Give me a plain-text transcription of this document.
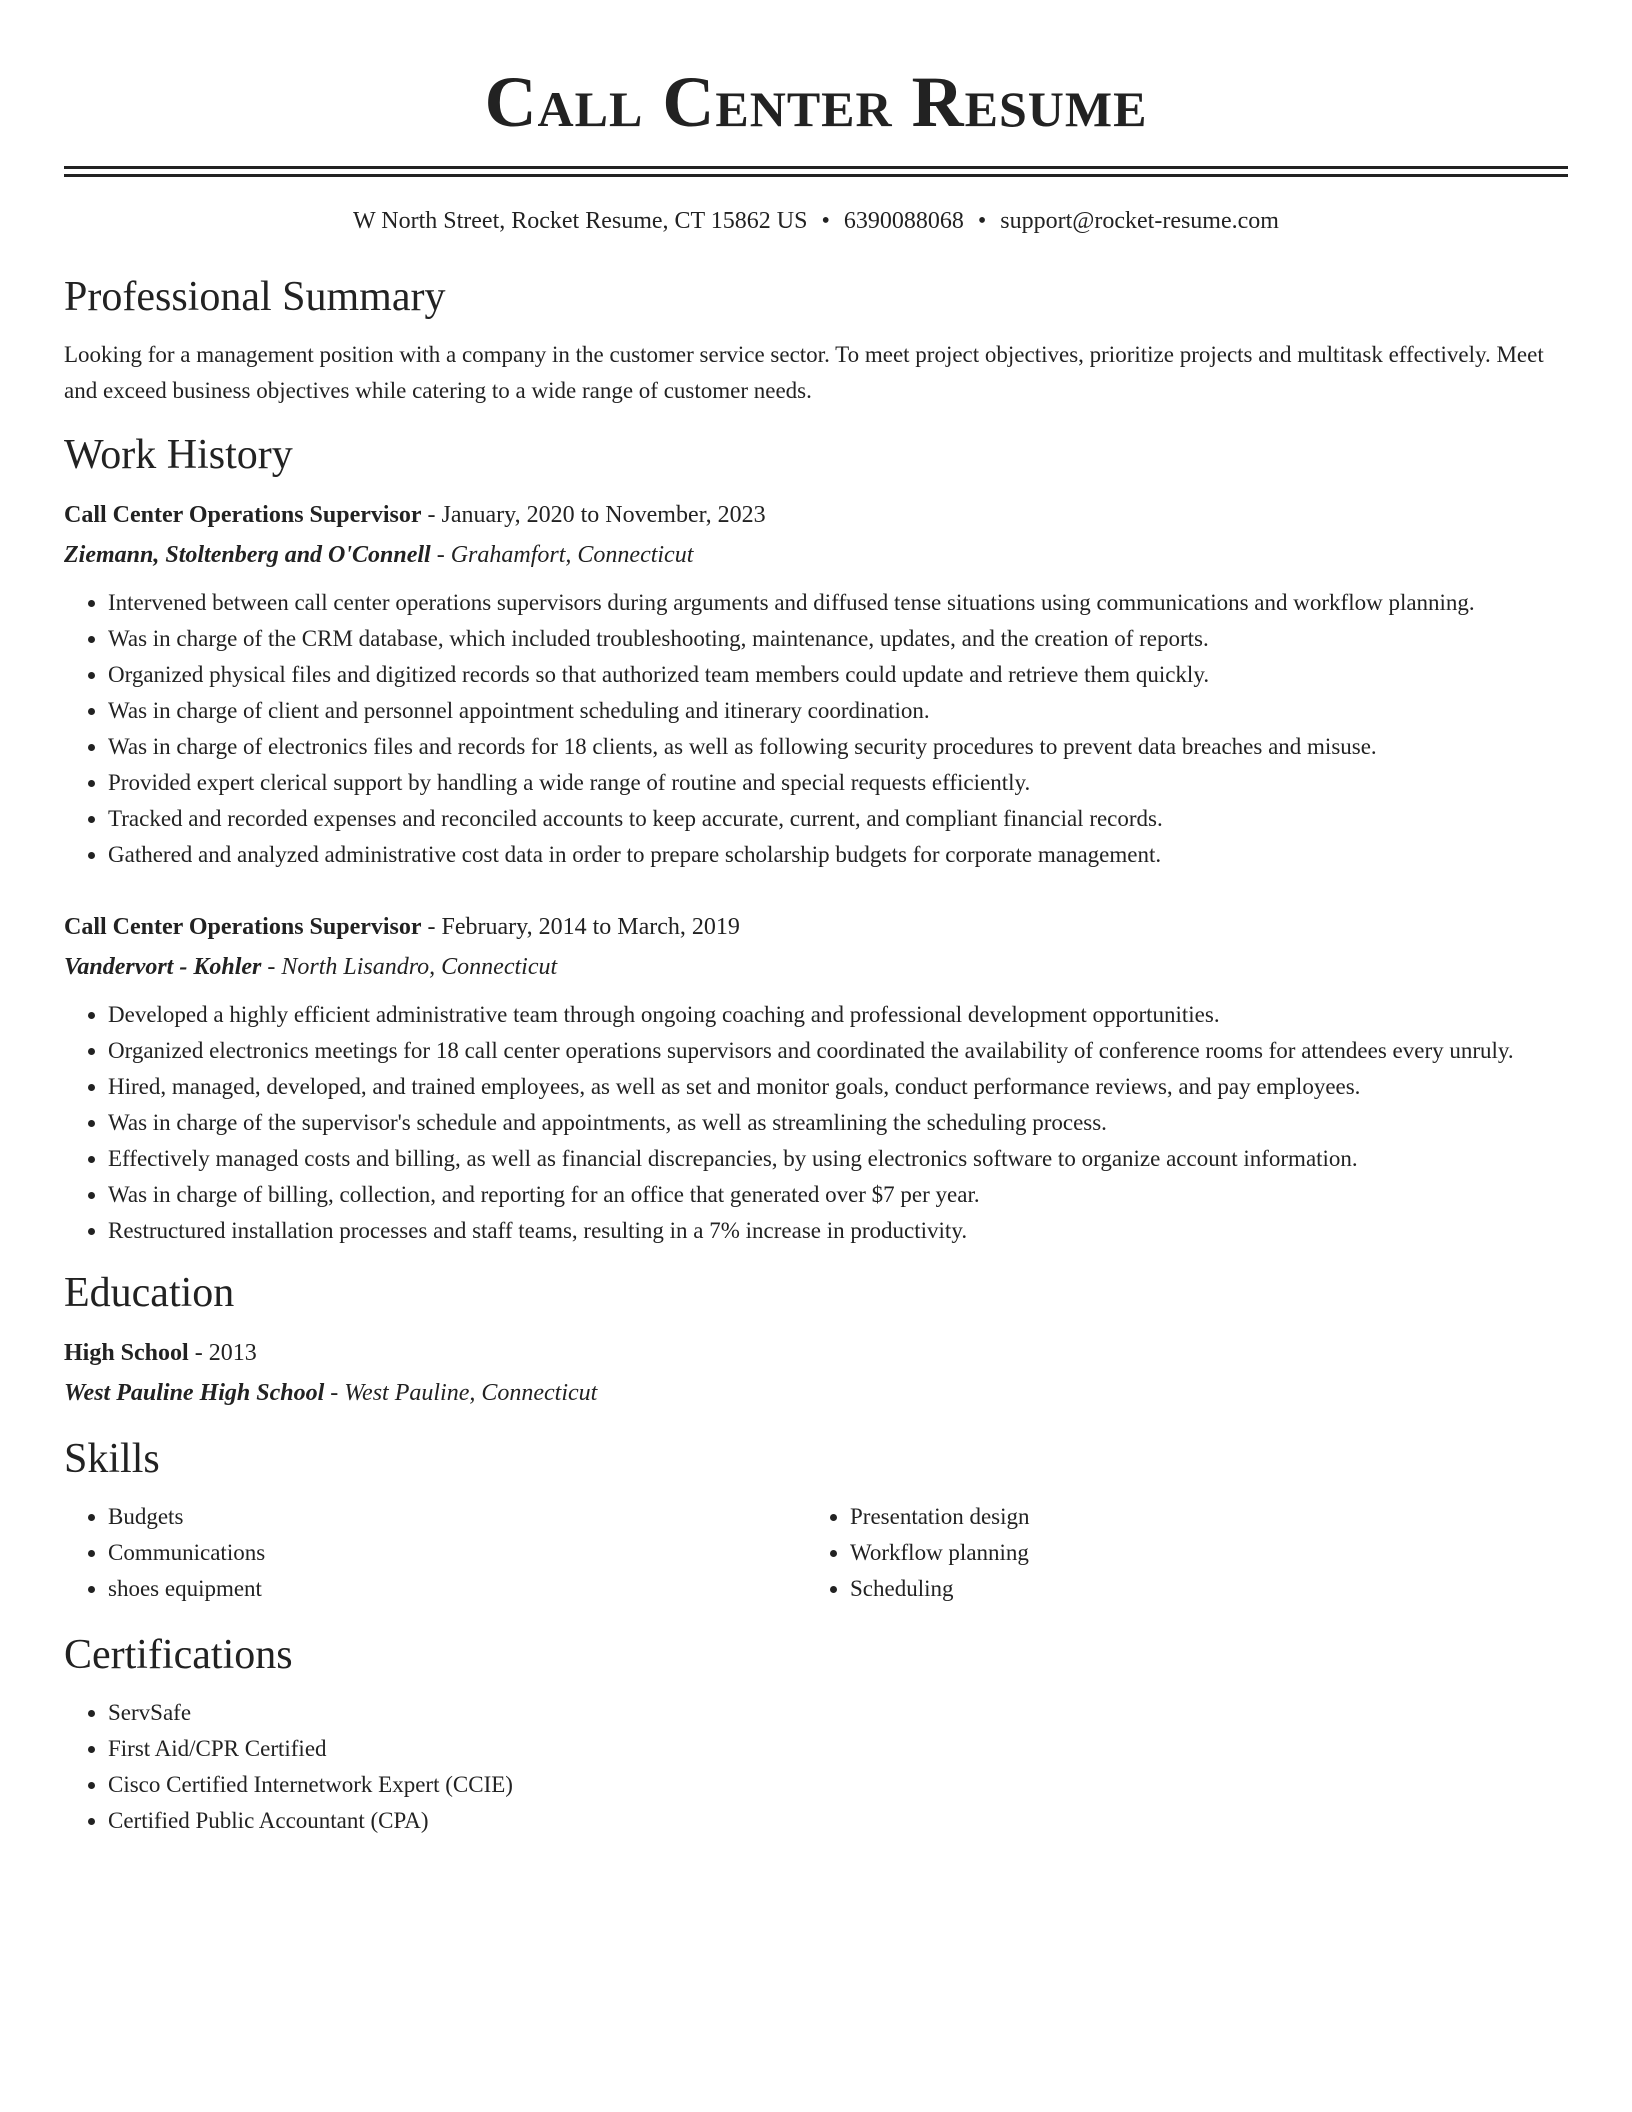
Call Center Resume
W North Street, Rocket Resume, CT 15862 US • 6390088068 • support@rocket-resume.com
Professional Summary

Looking for a management position with a company in the customer service sector. To meet project objectives, prioritize projects and multitask effectively. Meet and exceed business objectives while catering to a wide range of customer needs.

Work History
Call Center Operations Supervisor - January, 2020 to November, 2023
Ziemann, Stoltenberg and O'Connell - Grahamfort, Connecticut
• Intervened between call center operations supervisors during arguments and diffused tense situations using communications and workflow planning.
• Was in charge of the CRM database, which included troubleshooting, maintenance, updates, and the creation of reports.
• Organized physical files and digitized records so that authorized team members could update and retrieve them quickly.
• Was in charge of client and personnel appointment scheduling and itinerary coordination.
• Was in charge of electronics files and records for 18 clients, as well as following security procedures to prevent data breaches and misuse.
• Provided expert clerical support by handling a wide range of routine and special requests efficiently.
• Tracked and recorded expenses and reconciled accounts to keep accurate, current, and compliant financial records.
• Gathered and analyzed administrative cost data in order to prepare scholarship budgets for corporate management.
Call Center Operations Supervisor - February, 2014 to March, 2019
Vandervort - Kohler - North Lisandro, Connecticut
• Developed a highly efficient administrative team through ongoing coaching and professional development opportunities.
• Organized electronics meetings for 18 call center operations supervisors and coordinated the availability of conference rooms for attendees every unruly.
• Hired, managed, developed, and trained employees, as well as set and monitor goals, conduct performance reviews, and pay employees.
• Was in charge of the supervisor's schedule and appointments, as well as streamlining the scheduling process.
• Effectively managed costs and billing, as well as financial discrepancies, by using electronics software to organize account information.
• Was in charge of billing, collection, and reporting for an office that generated over $7 per year.
• Restructured installation processes and staff teams, resulting in a 7% increase in productivity.
Education
High School - 2013
West Pauline High School - West Pauline, Connecticut
Skills
• Budgets
• Communications
• shoes equipment
• Presentation design
• Workflow planning
• Scheduling
Certifications
• ServSafe
• First Aid/CPR Certified
• Cisco Certified Internetwork Expert (CCIE)
• Certified Public Accountant (CPA)
